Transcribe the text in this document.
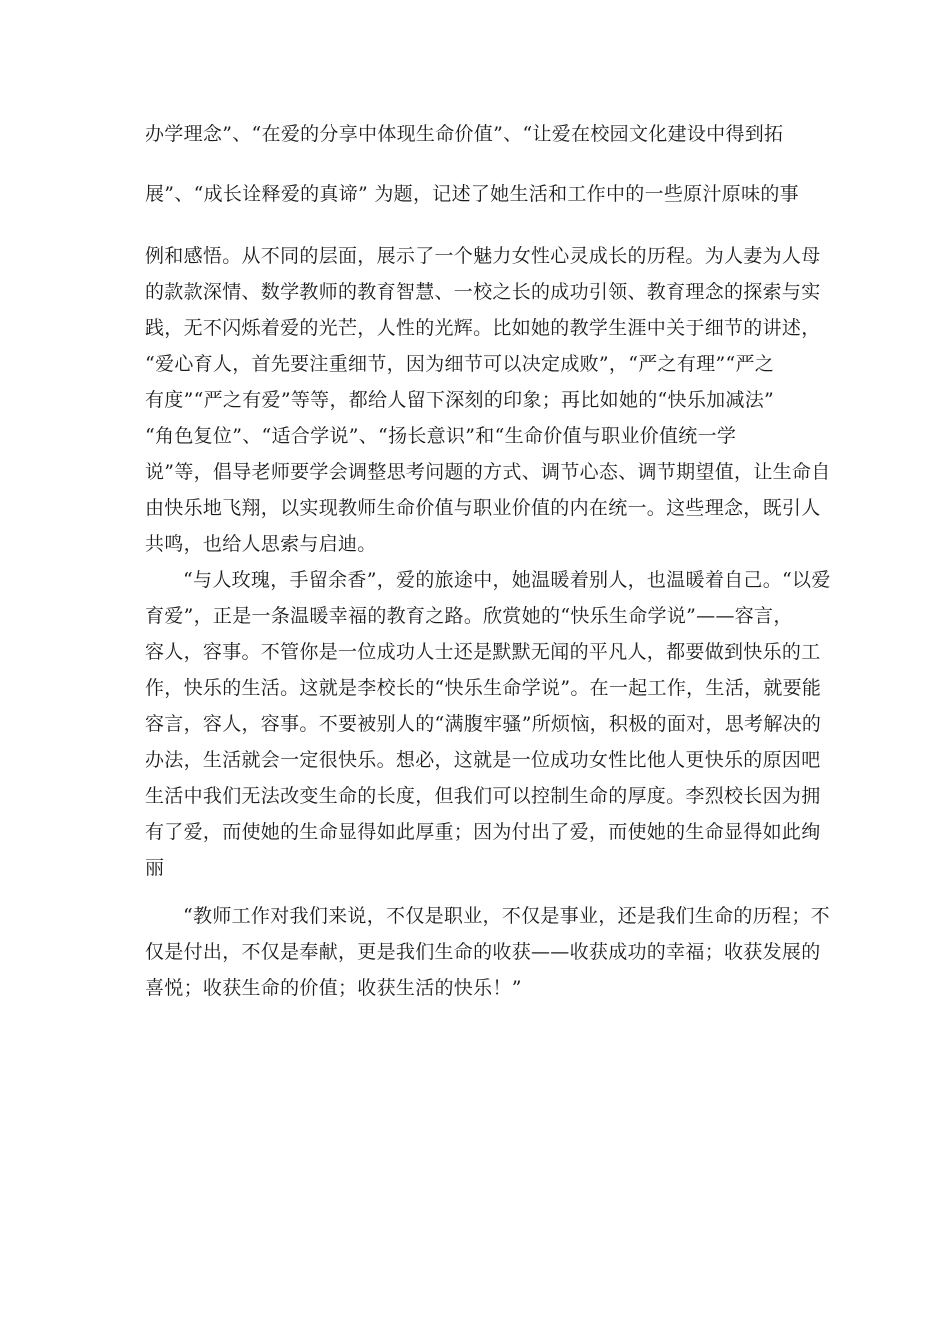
办学理念”、“在爱的分享中体现生命价值”、“让爱在校园文化建设中得到拓
展”、“成长诠释爱的真谛” 为题，记述了她生活和工作中的一些原汁原味的事
例和感悟。从不同的层面，展示了一个魅力女性心灵成长的历程。为人妻为人母
的款款深情、数学教师的教育智慧、一校之长的成功引领、教育理念的探索与实
践，无不闪烁着爱的光芒，人性的光辉。比如她的教学生涯中关于细节的讲述，
“爱心育人，首先要注重细节，因为细节可以决定成败”，“严之有理”“严之
有度”“严之有爱”等等，都给人留下深刻的印象；再比如她的“快乐加减法”
“角色复位”、“适合学说”、“扬长意识”和“生命价值与职业价值统一学
说”等，倡导老师要学会调整思考问题的方式、调节心态、调节期望值，让生命自
由快乐地飞翔，以实现教师生命价值与职业价值的内在统一。这些理念，既引人
共鸣，也给人思索与启迪。
“与人玫瑰，手留余香”，爱的旅途中，她温暖着别人，也温暖着自己。“以爱
育爱”，正是一条温暖幸福的教育之路。欣赏她的“快乐生命学说”——容言，
容人，容事。不管你是一位成功人士还是默默无闻的平凡人，都要做到快乐的工
作，快乐的生活。这就是李校长的“快乐生命学说”。在一起工作，生活，就要能
容言，容人，容事。不要被别人的“满腹牢骚”所烦恼，积极的面对，思考解决的
办法，生活就会一定很快乐。想必，这就是一位成功女性比他人更快乐的原因吧
生活中我们无法改变生命的长度，但我们可以控制生命的厚度。李烈校长因为拥
有了爱，而使她的生命显得如此厚重；因为付出了爱，而使她的生命显得如此绚
丽
“教师工作对我们来说，不仅是职业，不仅是事业，还是我们生命的历程；不
仅是付出，不仅是奉献，更是我们生命的收获——收获成功的幸福；收获发展的
喜悦；收获生命的价值；收获生活的快乐！”
